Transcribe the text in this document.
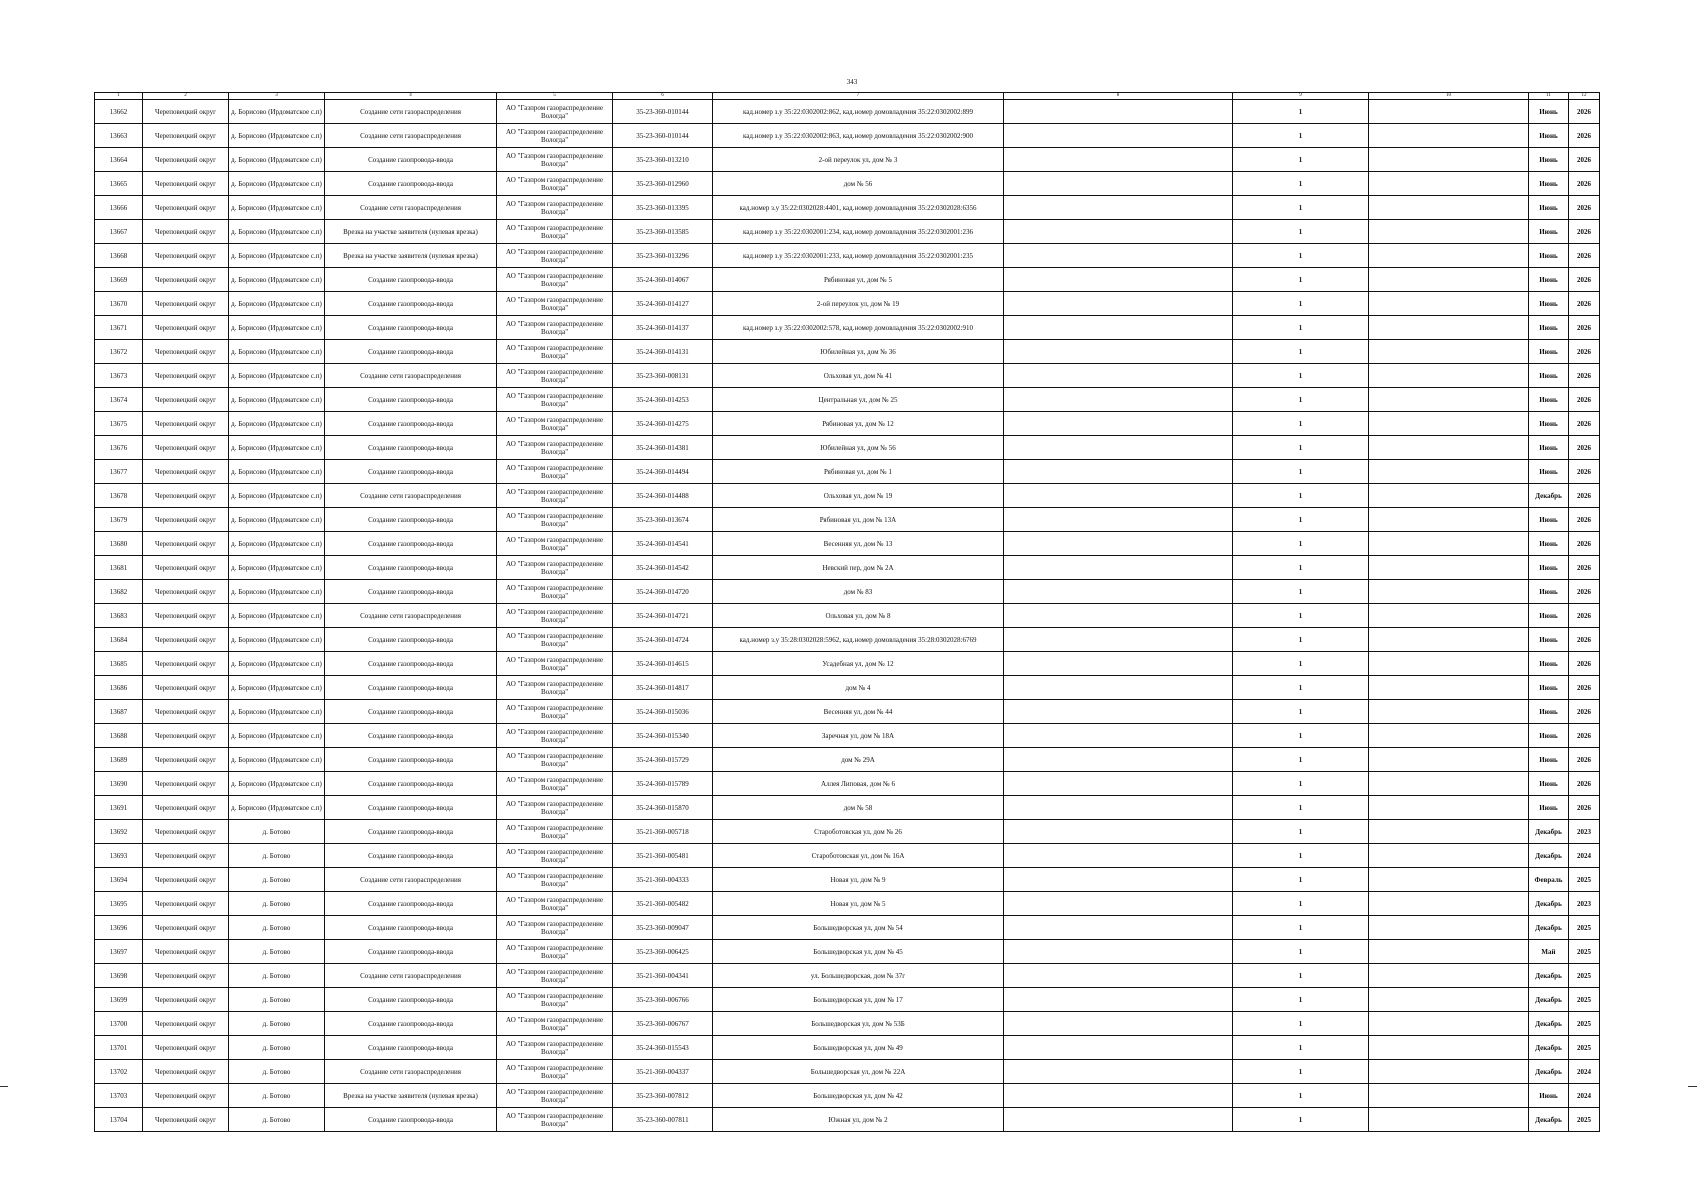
343
1	2	3	4	5	6	7	8	9	10	11	12
13662	Череповецкий округ	д. Борисово (Ирдоматское с.п)	Создание сети газораспределения	АО "Газпром газораспределение Вологда"	35-23-360-010144	кад.номер з.у 35:22:0302002:862, кад.номер домовладения 35:22:0302002:899		1		Июнь	2026
13663	Череповецкий округ	д. Борисово (Ирдоматское с.п)	Создание сети газораспределения	АО "Газпром газораспределение Вологда"	35-23-360-010144	кад.номер з.у 35:22:0302002:863, кад.номер домовладения 35:22:0302002:900		1		Июнь	2026
13664	Череповецкий округ	д. Борисово (Ирдоматское с.п)	Создание газопровода-ввода	АО "Газпром газораспределение Вологда"	35-23-360-013210	2-ой переулок ул, дом № 3		1		Июнь	2026
13665	Череповецкий округ	д. Борисово (Ирдоматское с.п)	Создание газопровода-ввода	АО "Газпром газораспределение Вологда"	35-23-360-012960	дом № 56		1		Июнь	2026
13666	Череповецкий округ	д. Борисово (Ирдоматское с.п)	Создание сети газораспределения	АО "Газпром газораспределение Вологда"	35-23-360-013395	кад.номер з.у 35:22:0302028:4401, кад.номер домовладения 35:22:0302028:6356		1		Июнь	2026
13667	Череповецкий округ	д. Борисово (Ирдоматское с.п)	Врезка на участке заявителя (нулевая врезка)	АО "Газпром газораспределение Вологда"	35-23-360-013585	кад.номер з.у 35:22:0302001:234, кад.номер домовладения 35:22:0302001:236		1		Июнь	2026
13668	Череповецкий округ	д. Борисово (Ирдоматское с.п)	Врезка на участке заявителя (нулевая врезка)	АО "Газпром газораспределение Вологда"	35-23-360-013296	кад.номер з.у 35:22:0302001:233, кад.номер домовладения 35:22:0302001:235		1		Июнь	2026
13669	Череповецкий округ	д. Борисово (Ирдоматское с.п)	Создание газопровода-ввода	АО "Газпром газораспределение Вологда"	35-24-360-014067	Рябиновая ул, дом № 5		1		Июнь	2026
13670	Череповецкий округ	д. Борисово (Ирдоматское с.п)	Создание газопровода-ввода	АО "Газпром газораспределение Вологда"	35-24-360-014127	2-ой переулок ул, дом № 19		1		Июнь	2026
13671	Череповецкий округ	д. Борисово (Ирдоматское с.п)	Создание газопровода-ввода	АО "Газпром газораспределение Вологда"	35-24-360-014137	кад.номер з.у 35:22:0302002:578, кад.номер домовладения 35:22:0302002:910		1		Июнь	2026
13672	Череповецкий округ	д. Борисово (Ирдоматское с.п)	Создание газопровода-ввода	АО "Газпром газораспределение Вологда"	35-24-360-014131	Юбилейная ул, дом № 36		1		Июнь	2026
13673	Череповецкий округ	д. Борисово (Ирдоматское с.п)	Создание сети газораспределения	АО "Газпром газораспределение Вологда"	35-23-360-008131	Ольховая ул, дом № 41		1		Июнь	2026
13674	Череповецкий округ	д. Борисово (Ирдоматское с.п)	Создание газопровода-ввода	АО "Газпром газораспределение Вологда"	35-24-360-014253	Центральная ул, дом № 25		1		Июнь	2026
13675	Череповецкий округ	д. Борисово (Ирдоматское с.п)	Создание газопровода-ввода	АО "Газпром газораспределение Вологда"	35-24-360-014275	Рябиновая ул, дом № 12		1		Июнь	2026
13676	Череповецкий округ	д. Борисово (Ирдоматское с.п)	Создание газопровода-ввода	АО "Газпром газораспределение Вологда"	35-24-360-014381	Юбилейная ул, дом № 56		1		Июнь	2026
13677	Череповецкий округ	д. Борисово (Ирдоматское с.п)	Создание газопровода-ввода	АО "Газпром газораспределение Вологда"	35-24-360-014494	Рябиновая ул, дом № 1		1		Июнь	2026
13678	Череповецкий округ	д. Борисово (Ирдоматское с.п)	Создание сети газораспределения	АО "Газпром газораспределение Вологда"	35-24-360-014488	Ольховая ул, дом № 19		1		Декабрь	2026
13679	Череповецкий округ	д. Борисово (Ирдоматское с.п)	Создание газопровода-ввода	АО "Газпром газораспределение Вологда"	35-23-360-013674	Рябиновая ул, дом № 13А		1		Июнь	2026
13680	Череповецкий округ	д. Борисово (Ирдоматское с.п)	Создание газопровода-ввода	АО "Газпром газораспределение Вологда"	35-24-360-014541	Весенняя ул, дом № 13		1		Июнь	2026
13681	Череповецкий округ	д. Борисово (Ирдоматское с.п)	Создание газопровода-ввода	АО "Газпром газораспределение Вологда"	35-24-360-014542	Невский пер, дом № 2А		1		Июнь	2026
13682	Череповецкий округ	д. Борисово (Ирдоматское с.п)	Создание газопровода-ввода	АО "Газпром газораспределение Вологда"	35-24-360-014720	дом № 83		1		Июнь	2026
13683	Череповецкий округ	д. Борисово (Ирдоматское с.п)	Создание сети газораспределения	АО "Газпром газораспределение Вологда"	35-24-360-014721	Ольховая ул, дом № 8		1		Июнь	2026
13684	Череповецкий округ	д. Борисово (Ирдоматское с.п)	Создание газопровода-ввода	АО "Газпром газораспределение Вологда"	35-24-360-014724	кад.номер з.у 35:28:0302028:5962, кад.номер домовладения 35:28:0302028:6769		1		Июнь	2026
13685	Череповецкий округ	д. Борисово (Ирдоматское с.п)	Создание газопровода-ввода	АО "Газпром газораспределение Вологда"	35-24-360-014615	Усадебная ул, дом № 12		1		Июнь	2026
13686	Череповецкий округ	д. Борисово (Ирдоматское с.п)	Создание газопровода-ввода	АО "Газпром газораспределение Вологда"	35-24-360-014817	дом № 4		1		Июнь	2026
13687	Череповецкий округ	д. Борисово (Ирдоматское с.п)	Создание газопровода-ввода	АО "Газпром газораспределение Вологда"	35-24-360-015036	Весенняя ул, дом № 44		1		Июнь	2026
13688	Череповецкий округ	д. Борисово (Ирдоматское с.п)	Создание газопровода-ввода	АО "Газпром газораспределение Вологда"	35-24-360-015340	Заречная ул, дом № 18А		1		Июнь	2026
13689	Череповецкий округ	д. Борисово (Ирдоматское с.п)	Создание газопровода-ввода	АО "Газпром газораспределение Вологда"	35-24-360-015729	дом № 29А		1		Июнь	2026
13690	Череповецкий округ	д. Борисово (Ирдоматское с.п)	Создание газопровода-ввода	АО "Газпром газораспределение Вологда"	35-24-360-015789	Аллея Липовая, дом № 6		1		Июнь	2026
13691	Череповецкий округ	д. Борисово (Ирдоматское с.п)	Создание газопровода-ввода	АО "Газпром газораспределение Вологда"	35-24-360-015870	дом № 58		1		Июнь	2026
13692	Череповецкий округ	д. Ботово	Создание газопровода-ввода	АО "Газпром газораспределение Вологда"	35-21-360-005718	Староботовская ул, дом № 26		1		Декабрь	2023
13693	Череповецкий округ	д. Ботово	Создание газопровода-ввода	АО "Газпром газораспределение Вологда"	35-21-360-005481	Староботовская ул, дом № 16А		1		Декабрь	2024
13694	Череповецкий округ	д. Ботово	Создание сети газораспределения	АО "Газпром газораспределение Вологда"	35-21-360-004333	Новая ул, дом № 9		1		Февраль	2025
13695	Череповецкий округ	д. Ботово	Создание газопровода-ввода	АО "Газпром газораспределение Вологда"	35-21-360-005482	Новая ул, дом № 5		1		Декабрь	2023
13696	Череповецкий округ	д. Ботово	Создание газопровода-ввода	АО "Газпром газораспределение Вологда"	35-23-360-009047	Большедворская ул, дом № 54		1		Декабрь	2025
13697	Череповецкий округ	д. Ботово	Создание газопровода-ввода	АО "Газпром газораспределение Вологда"	35-23-360-006425	Большедворская ул, дом № 45		1		Май	2025
13698	Череповецкий округ	д. Ботово	Создание сети газораспределения	АО "Газпром газораспределение Вологда"	35-21-360-004341	ул. Большедворская, дом № 37г		1		Декабрь	2025
13699	Череповецкий округ	д. Ботово	Создание газопровода-ввода	АО "Газпром газораспределение Вологда"	35-23-360-006766	Большедворская ул, дом № 17		1		Декабрь	2025
13700	Череповецкий округ	д. Ботово	Создание газопровода-ввода	АО "Газпром газораспределение Вологда"	35-23-360-006767	Большедворская ул, дом № 53Б		1		Декабрь	2025
13701	Череповецкий округ	д. Ботово	Создание газопровода-ввода	АО "Газпром газораспределение Вологда"	35-24-360-015543	Большедворская ул, дом № 49		1		Декабрь	2025
13702	Череповецкий округ	д. Ботово	Создание сети газораспределения	АО "Газпром газораспределение Вологда"	35-21-360-004337	Большедворская ул, дом № 22А		1		Декабрь	2024
13703	Череповецкий округ	д. Ботово	Врезка на участке заявителя (нулевая врезка)	АО "Газпром газораспределение Вологда"	35-23-360-007812	Большедворская ул, дом № 42		1		Июнь	2024
13704	Череповецкий округ	д. Ботово	Создание газопровода-ввода	АО "Газпром газораспределение Вологда"	35-23-360-007811	Южная ул, дом № 2		1		Декабрь	2025
